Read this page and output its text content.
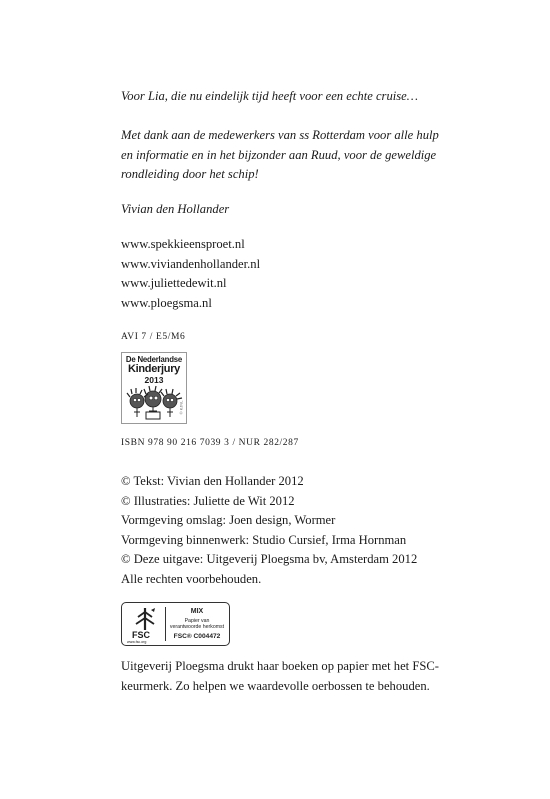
Voor Lia, die nu eindelijk tijd heeft voor een echte cruise…
Met dank aan de medewerkers van ss Rotterdam voor alle hulp
en informatie en in het bijzonder aan Ruud, voor de geweldige
rondleiding door het schip!
Vivian den Hollander
www.spekkieensproet.nl
www.viviandenhollander.nl
www.juliettedewit.nl
www.ploegsma.nl
AVI 7 / E5/M6
De Nederlandse
Kinderjury
2013
© KJNL
ISBN 978 90 216 7039 3 / NUR 282/287
© Tekst: Vivian den Hollander 2012
© Illustraties: Juliette de Wit 2012
Vormgeving omslag: Joen design, Wormer
Vormgeving binnenwerk: Studio Cursief, Irma Hornman
© Deze uitgave: Uitgeverij Ploegsma bv, Amsterdam 2012
Alle rechten voorbehouden.
FSC
www.fsc.org
MIX
Papier van
verantwoorde herkomst
FSC® C004472
Uitgeverij Ploegsma drukt haar boeken op papier met het FSC-
keurmerk. Zo helpen we waardevolle oerbossen te behouden.
